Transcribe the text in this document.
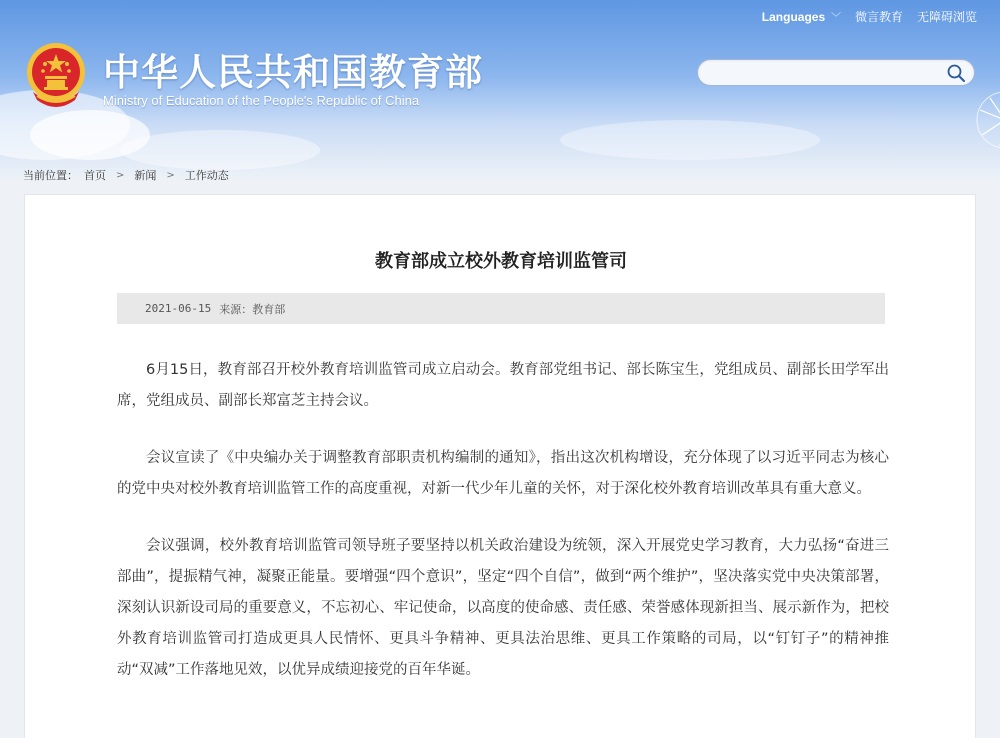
中华人民共和国教育部
Ministry of Education of the People's Republic of China
Languages ﹀ 微言教育 无障碍浏览
当前位置： 首页 > 新闻 > 工作动态
教育部成立校外教育培训监管司
2021-06-15 来源：教育部

6月15日，教育部召开校外教育培训监管司成立启动会。教育部党组书记、部长陈宝生，党组成员、副部长田学军出席，党组成员、副部长郑富芝主持会议。

会议宣读了《中央编办关于调整教育部职责机构编制的通知》，指出这次机构增设，充分体现了以习近平同志为核心的党中央对校外教育培训监管工作的高度重视，对新一代少年儿童的关怀，对于深化校外教育培训改革具有重大意义。

会议强调，校外教育培训监管司领导班子要坚持以机关政治建设为统领，深入开展党史学习教育，大力弘扬“奋进三部曲”，提振精气神，凝聚正能量。要增强“四个意识”，坚定“四个自信”，做到“两个维护”，坚决落实党中央决策部署，深刻认识新设司局的重要意义，不忘初心、牢记使命，以高度的使命感、责任感、荣誉感体现新担当、展示新作为，把校外教育培训监管司打造成更具人民情怀、更具斗争精神、更具法治思维、更具工作策略的司局，以“钉钉子”的精神推动“双减”工作落地见效，以优异成绩迎接党的百年华诞。
